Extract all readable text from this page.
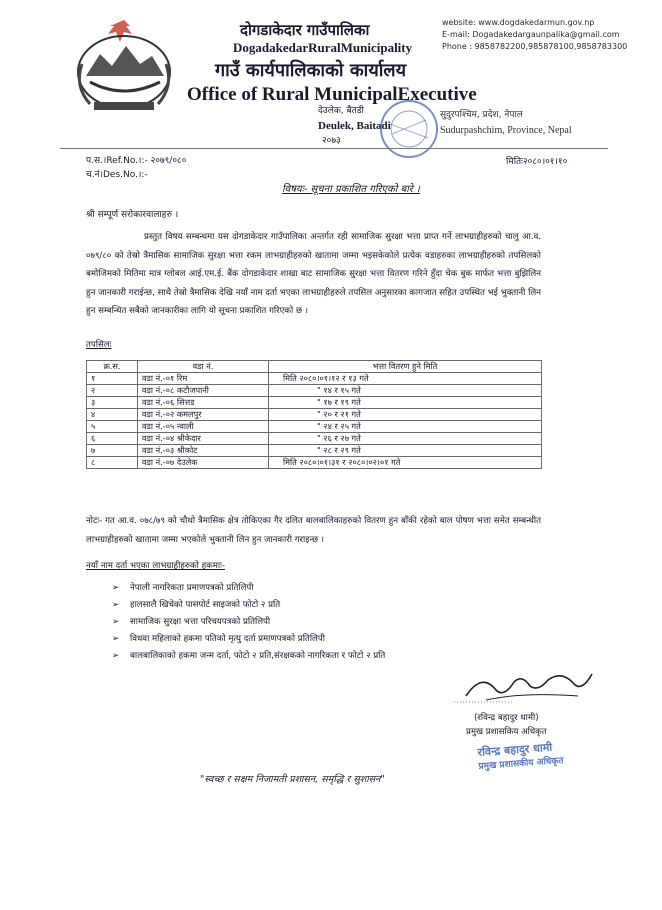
दोगडाकेदार गाउँपालिका
DogadakedarRuralMunicipality
गाउँ कार्यपालिकाको कार्यालय
Office of Rural MunicipalExecutive
website: www.dogdakedarmun.gov.np
E-mail: Dogadakedargaunpalika@gmail.com
Phone : 9858782200,985878100,9858783300
देउलेक, बैतडी
Deulek, Baitadi
२०७३
सुदुरपश्चिम, प्रदेश, नेपाल
Sudurpashchim, Province, Nepal
प.स.।Ref.No.।:- २०७९/०८०
च.नं।Des.No.।:-
मितिः२०८०।०१।१०
विषयः- सूचना प्रकाशित गरिएको बारे ।
श्री सम्पूर्ण सरोकारवालाहरु ।
प्रस्तुत विषय सम्बन्धमा यस दोगडाकेदार गाउँपालिका अन्तर्गत रही सामाजिक सुरक्षा भत्ता प्राप्त गर्ने लाभग्राहीहरुको चालु आ.व. ०७९/८० को तेस्रो त्रैमासिक सामाजिक सुरक्षा भत्ता रकम लाभग्राहीहरुको खातामा जम्मा भइसकेकोले प्रत्येक वडाहरुका लाभग्राहीहरुको तपसिलको बमोजिमको मितिमा मात्र ग्लोबल आई.एम.ई. बैंक दोगडाकेदार शाखा बाट सामाजिक सुरक्षा भत्ता वितरण गरिने हुँदा चेक बुक मार्फत भत्ता बुझिलिन हुन जानकारी गराईन्छ, साथै तेस्रो त्रैमासिक देखि नयाँ नाम दर्ता भएका लाभग्राहीहरुले तपसिल अनुसारका कागजात सहित उपस्थित भई भुक्तानी लिन हुन सम्बन्धित सबैको जानकारीका लागि यो सूचना प्रकाशित गरिएको छ ।
तपसिलः
क्र.स.	वडा नं.	भत्ता वितरण हुने मिति
१	वडा नं.-०१ रिम	मिति २०८०।०१।१२ र १३ गते
२	वडा नं.-०८ कटौजपानी	" १४ र १५ गते
३	वडा नं.-०६ सित्तड	" १७ र १९ गते
४	वडा नं.-०२ कमलपुर	" २० र २१ गते
५	वडा नं.-०५ न्वाली	" २४ र २५ गते
६	वडा नं.-०४ श्रीकेदार	" २६ र २७ गते
७	वडा नं.-०३ श्रीकोट	" २८ र २९ गते
८	वडा नं.-०७ देउलेक	मिति २०८०।०१।३१ र २०८०।०२।०१ गते
नोटः- गत आ.व. ०७८/७९ को चौथो त्रैमासिक क्षेत्र तोकिएका गैर दलित बालबालिकाहरुको वितरण हुन बाँकी रहेको बाल पोषण भत्ता समेत सम्बन्धीत लाभग्राहीहरुको खातामा जम्मा भएकोले भुक्तानी लिन हुन जानकारी गराइन्छ ।
नयाँ नाम दर्ता भएका लाभग्राहीहरुको हकमाः-
➢ नेपाली नागरिकता प्रमाणपत्रको प्रतिलिपी
➢ हालसालै खिचेको पासपोर्ट साइजको फोटो २ प्रति
➢ सामाजिक सुरक्षा भत्ता परिचयपत्रको प्रतिलिपी
➢ विधवा महिलाको हकमा पतिको मृत्यु दर्ता प्रमाणपत्रको प्रतिलिपी
➢ बालबालिकाको हकमा जन्म दर्ता, फोटो २ प्रति,संरक्षकको नागरिकता र फोटो २ प्रति
(रविन्द्र बहादुर धामी)
प्रमुख प्रशासकिय अधिकृत
रविन्द्र बहादुर धामी
प्रमुख प्रशासकीय अधिकृत
"स्वच्छ र सक्षम निजामती प्रशासन, समृद्धि र सुशासन"
